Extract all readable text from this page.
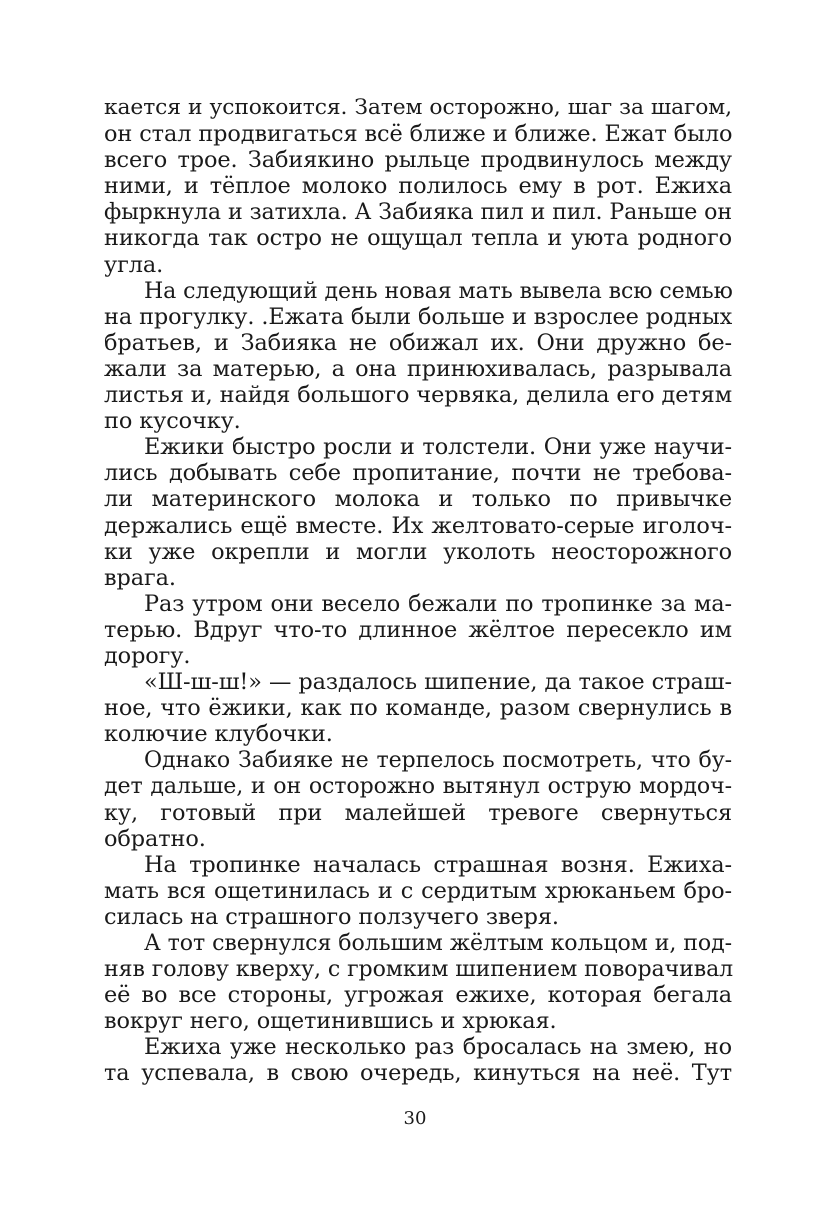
кается и успокоится. Затем осторожно, шаг за шагом,
он стал продвигаться всё ближе и ближе. Ежат было
всего трое. Забиякино рыльце продвинулось между
ними, и тёплое молоко полилось ему в рот. Ежиха
фыркнула и затихла. А Забияка пил и пил. Раньше он
никогда так остро не ощущал тепла и уюта родного
угла.
На следующий день новая мать вывела всю семью
на прогулку. .Ежата были больше и взрослее родных
братьев, и Забияка не обижал их. Они дружно бе-
жали за матерью, а она принюхивалась, разрывала
листья и, найдя большого червяка, делила его детям
по кусочку.
Ежики быстро росли и толстели. Они уже научи-
лись добывать себе пропитание, почти не требова-
ли материнского молока и только по привычке
держались ещё вместе. Их желтовато-серые иголоч-
ки уже окрепли и могли уколоть неосторожного
врага.
Раз утром они весело бежали по тропинке за ма-
терью. Вдруг что-то длинное жёлтое пересекло им
дорогу.
«Ш-ш-ш!» — раздалось шипение, да такое страш-
ное, что ёжики, как по команде, разом свернулись в
колючие клубочки.
Однако Забияке не терпелось посмотреть, что бу-
дет дальше, и он осторожно вытянул острую мордоч-
ку, готовый при малейшей тревоге свернуться
обратно.
На тропинке началась страшная возня. Ежиха-
мать вся ощетинилась и с сердитым хрюканьем бро-
силась на страшного ползучего зверя.
А тот свернулся большим жёлтым кольцом и, под-
няв голову кверху, с громким шипением поворачивал
её во все стороны, угрожая ежихе, которая бегала
вокруг него, ощетинившись и хрюкая.
Ежиха уже несколько раз бросалась на змею, но
та успевала, в свою очередь, кинуться на неё. Тут
30
